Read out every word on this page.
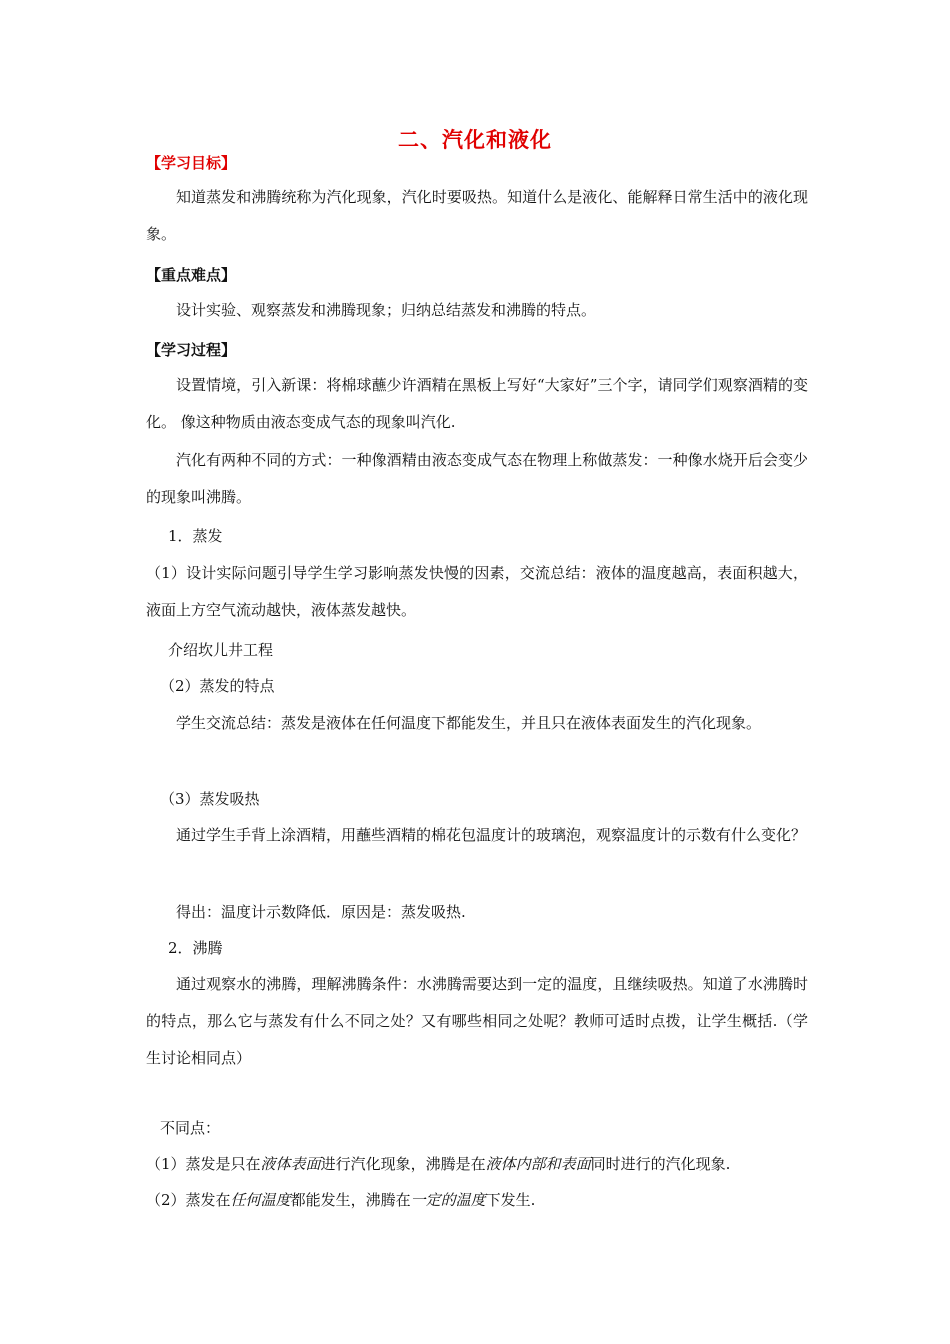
二、汽化和液化
【学习目标】
知道蒸发和沸腾统称为汽化现象，汽化时要吸热。知道什么是液化、能解释日常生活中的液化现象。
【重点难点】
设计实验、观察蒸发和沸腾现象；归纳总结蒸发和沸腾的特点。
【学习过程】
设置情境，引入新课：将棉球蘸少许酒精在黑板上写好“大家好”三个字，请同学们观察酒精的变化。 像这种物质由液态变成气态的现象叫汽化.
汽化有两种不同的方式：一种像酒精由液态变成气态在物理上称做蒸发：一种像水烧开后会变少的现象叫沸腾。
1．蒸发
（1）设计实际问题引导学生学习影响蒸发快慢的因素，交流总结：液体的温度越高，表面积越大，液面上方空气流动越快，液体蒸发越快。
介绍坎儿井工程
（2）蒸发的特点
学生交流总结：蒸发是液体在任何温度下都能发生，并且只在液体表面发生的汽化现象。
（3）蒸发吸热
通过学生手背上涂酒精，用蘸些酒精的棉花包温度计的玻璃泡，观察温度计的示数有什么变化？
得出：温度计示数降低．原因是：蒸发吸热.
2．沸腾
通过观察水的沸腾，理解沸腾条件：水沸腾需要达到一定的温度，且继续吸热。知道了水沸腾时的特点，那么它与蒸发有什么不同之处？又有哪些相同之处呢？教师可适时点拨，让学生概括.（学生讨论相同点）
不同点：
（1）蒸发是只在液体表面进行汽化现象，沸腾是在液体内部和表面同时进行的汽化现象.
（2）蒸发在任何温度都能发生，沸腾在一定的温度下发生.
